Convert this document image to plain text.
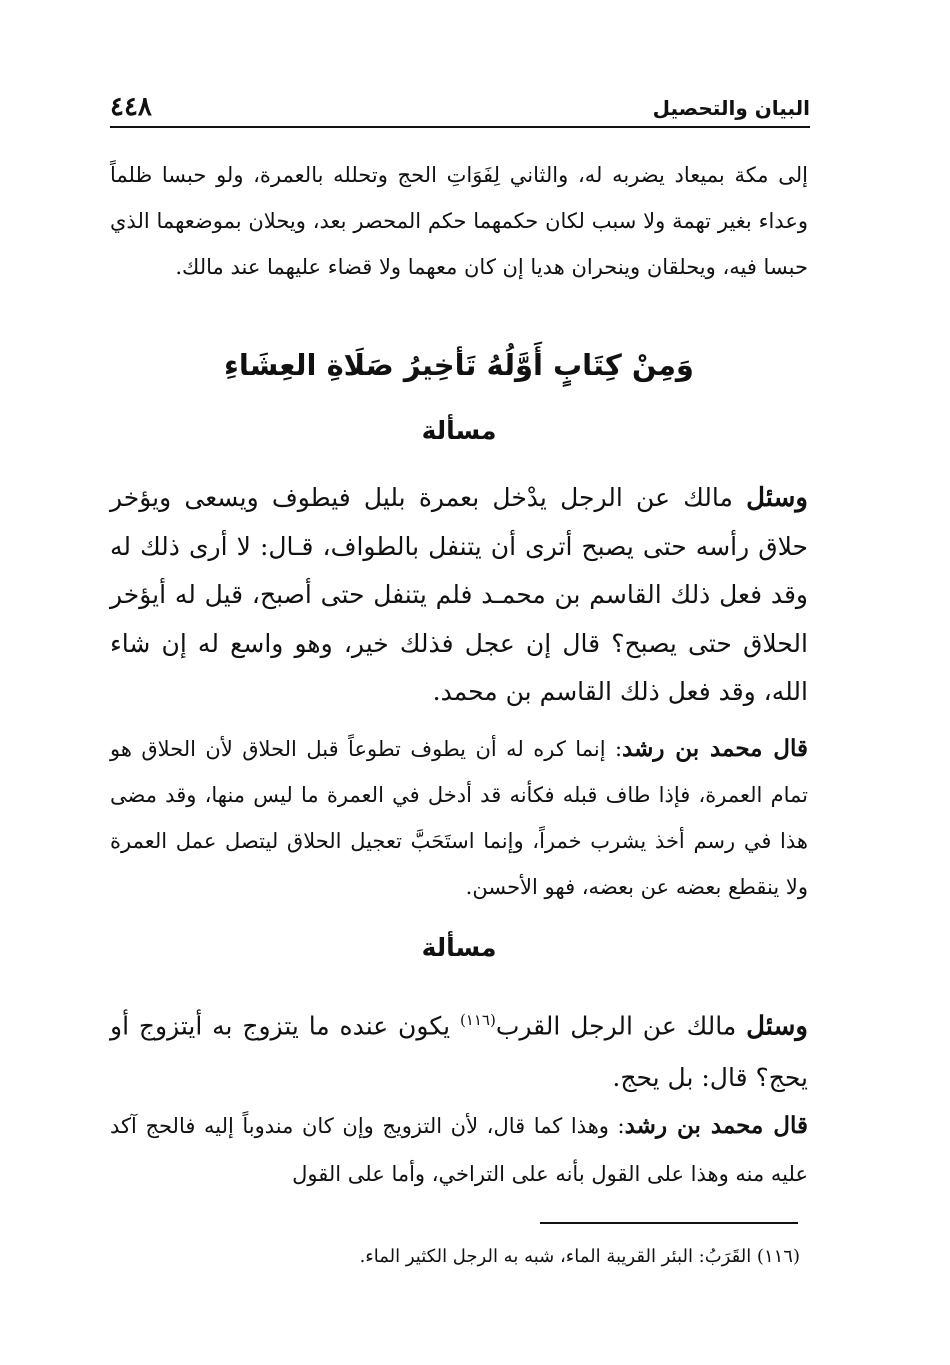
البيان والتحصيل
٤٤٨
إلى مكة بميعاد يضربه له، والثاني لِفَوَاتِ الحج وتحلله بالعمرة، ولو حبسا ظلماً وعداء بغير تهمة ولا سبب لكان حكمهما حكم المحصر بعد، ويحلان بموضعهما الذي حبسا فيه، ويحلقان وينحران هديا إن كان معهما ولا قضاء عليهما عند مالك.
وَمِنْ كِتَابٍ أَوَّلُهُ تَأخِيرُ صَلَاةِ العِشَاءِ
مسألة
وسئل مالك عن الرجل يدْخل بعمرة بليل فيطوف ويسعى ويؤخر حلاق رأسه حتى يصبح أترى أن يتنفل بالطواف، قـال: لا أرى ذلك له وقد فعل ذلك القاسم بن محمـد فلم يتنفل حتى أصبح، قيل له أيؤخر الحلاق حتى يصبح؟ قال إن عجل فذلك خير، وهو واسع له إن شاء الله، وقد فعل ذلك القاسم بن محمد.
قال محمد بن رشد: إنما كره له أن يطوف تطوعاً قبل الحلاق لأن الحلاق هو تمام العمرة، فإذا طاف قبله فكأنه قد أدخل في العمرة ما ليس منها، وقد مضى هذا في رسم أخذ يشرب خمراً، وإنما استَحَبَّ تعجيل الحلاق ليتصل عمل العمرة ولا ينقطع بعضه عن بعضه، فهو الأحسن.
مسألة
وسئل مالك عن الرجل القرب$^{(١١٦)}$ يكون عنده ما يتزوج به أيتزوج أو يحج؟ قال: بل يحج.
قال محمد بن رشد: وهذا كما قال، لأن التزويج وإن كان مندوباً إليه فالحج آكد عليه منه وهذا على القول بأنه على التراخي، وأما على القول
(١١٦) القَرَبُ: البئر القريبة الماء، شبه به الرجل الكثير الماء.
